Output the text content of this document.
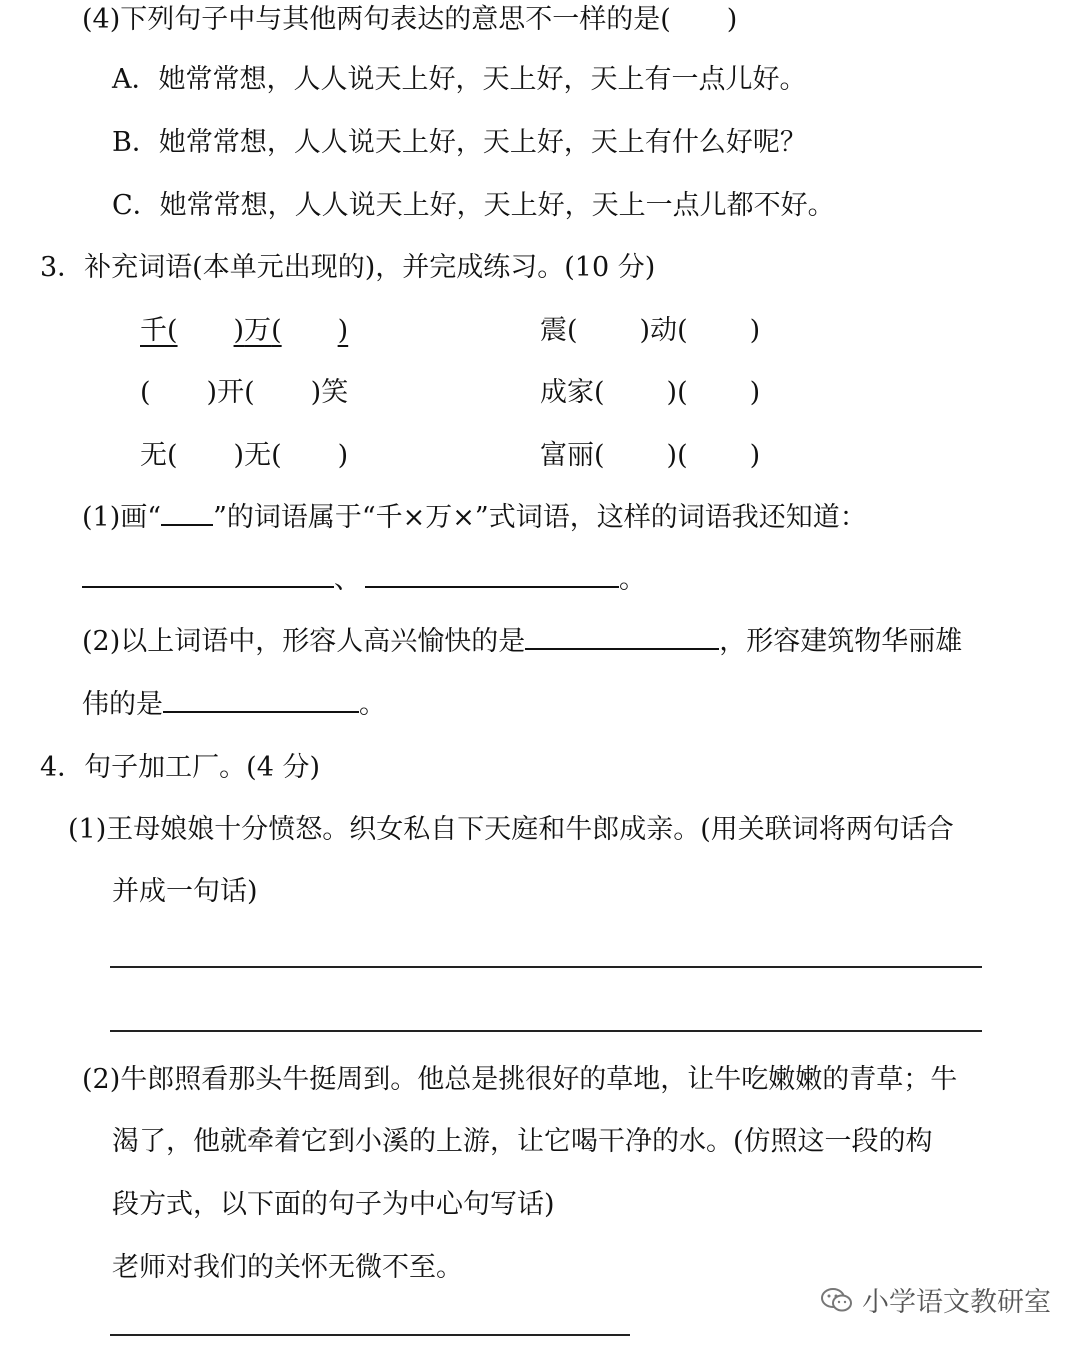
(4)下列句子中与其他两句表达的意思不一样的是( )
A．她常常想，人人说天上好，天上好，天上有一点儿好。
B．她常常想，人人说天上好，天上好，天上有什么好呢？
C．她常常想，人人说天上好，天上好，天上一点儿都不好。
3．补充词语(本单元出现的)，并完成练习。(10 分)
千( )万( )	震( )动( )
( )开( )笑	成家( )( )
无( )无( )	富丽( )( )
(1)画“ ”的词语属于“千×万×”式词语，这样的词语我还知道：
、	。
(2)以上词语中，形容人高兴愉快的是	，形容建筑物华丽雄
伟的是	。
4．句子加工厂。(4 分)
(1)王母娘娘十分愤怒。织女私自下天庭和牛郎成亲。(用关联词将两句话合
并成一句话)
(2)牛郎照看那头牛挺周到。他总是挑很好的草地，让牛吃嫩嫩的青草；牛
渴了，他就牵着它到小溪的上游，让它喝干净的水。(仿照这一段的构
段方式，以下面的句子为中心句写话)
老师对我们的关怀无微不至。
小学语文教研室
